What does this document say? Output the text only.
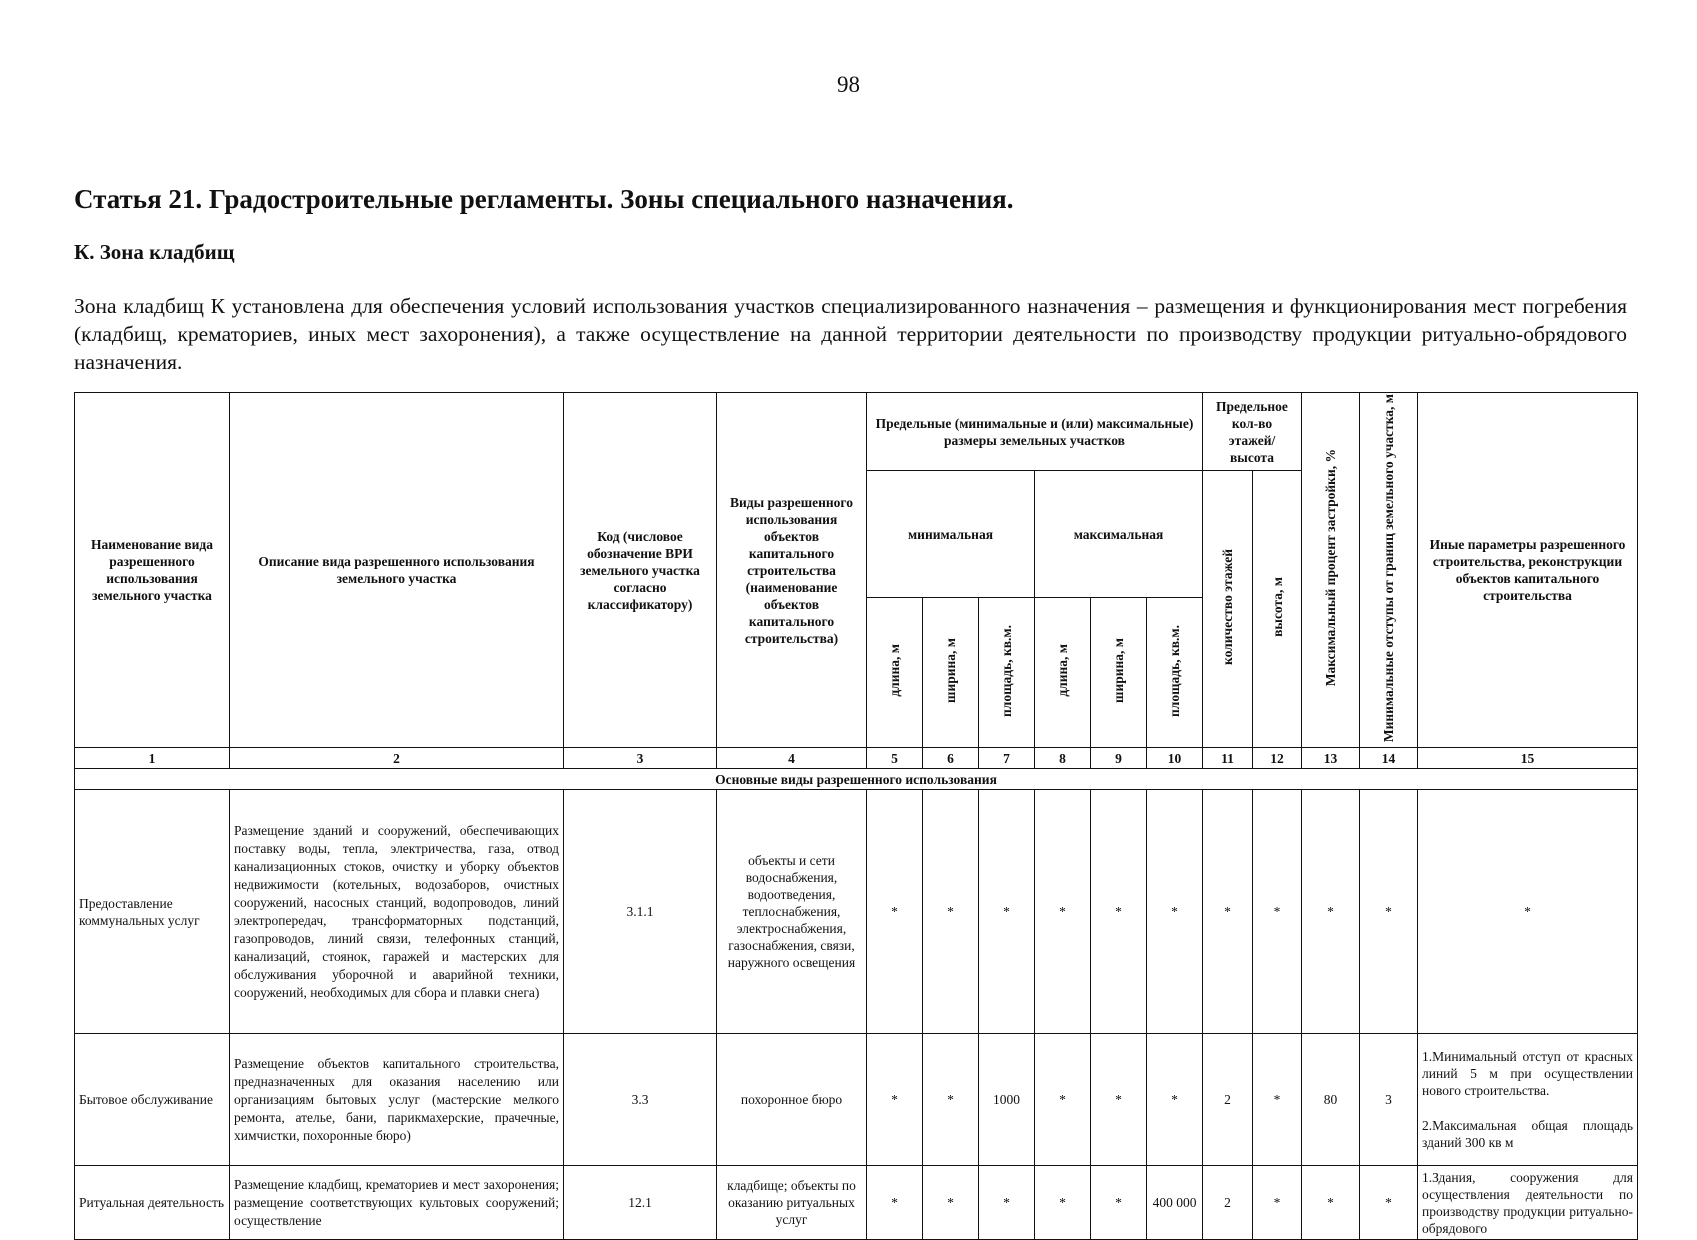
98
Статья 21. Градостроительные регламенты. Зоны специального назначения.
К. Зона кладбищ

Зона кладбищ К установлена для обеспечения условий использования участков специализированного назначения – размещения и функционирования мест погребения (кладбищ, крематориев, иных мест захоронения), а также осуществление на данной территории деятельности по производству продукции ритуально-обрядового назначения.

Наименование вида разрешенного использования земельного участка	Описание вида разрешенного использования земельного участка	Код (числовое обозначение ВРИ земельного участка согласно классификатору)	Виды разрешенного использования объектов капитального строительства (наименование объектов капитального строительства)	Предельные (минимальные и (или) максимальные) размеры земельных участков						Предельное кол-во этажей/ высота		Максимальный процент застройки, %	Минимальные отступы от границ земельного участка, м	Иные параметры разрешенного строительства, реконструкции объектов капитального строительства
				минимальная			максимальная			количество этажей	высота, м			
				длина, м	ширина, м	площадь, кв.м.	длина, м	ширина, м	площадь, кв.м.					
1	2	3	4	5	6	7	8	9	10	11	12	13	14	15
Основные виды разрешенного использования														
Предоставление коммунальных услуг	Размещение зданий и сооружений, обеспечивающих поставку воды, тепла, электричества, газа, отвод канализационных стоков, очистку и уборку объектов недвижимости (котельных, водозаборов, очистных сооружений, насосных станций, водопроводов, линий электропередач, трансформаторных подстанций, газопроводов, линий связи, телефонных станций, канализаций, стоянок, гаражей и мастерских для обслуживания уборочной и аварийной техники, сооружений, необходимых для сбора и плавки снега)	3.1.1	объекты и сети водоснабжения, водоотведения, теплоснабжения, электроснабжения, газоснабжения, связи, наружного освещения	*	*	*	*	*	*	*	*	*	*	*
Бытовое обслуживание	Размещение объектов капитального строительства, предназначенных для оказания населению или организациям бытовых услуг (мастерские мелкого ремонта, ателье, бани, парикмахерские, прачечные, химчистки, похоронные бюро)	3.3	похоронное бюро	*	*	1000	*	*	*	2	*	80	3	1.Минимальный отступ от красных линий 5 м при осуществлении нового строительства.

2.Максимальная общая площадь зданий 300 кв м

Ритуальная деятельность	Размещение кладбищ, крематориев и мест захоронения; размещение соответствующих культовых сооружений; осуществление	12.1	кладбище; объекты по оказанию ритуальных услуг	*	*	*	*	*	400 000	2	*	*	*	1.Здания, сооружения для осуществления деятельности по производству продукции ритуально-обрядового
